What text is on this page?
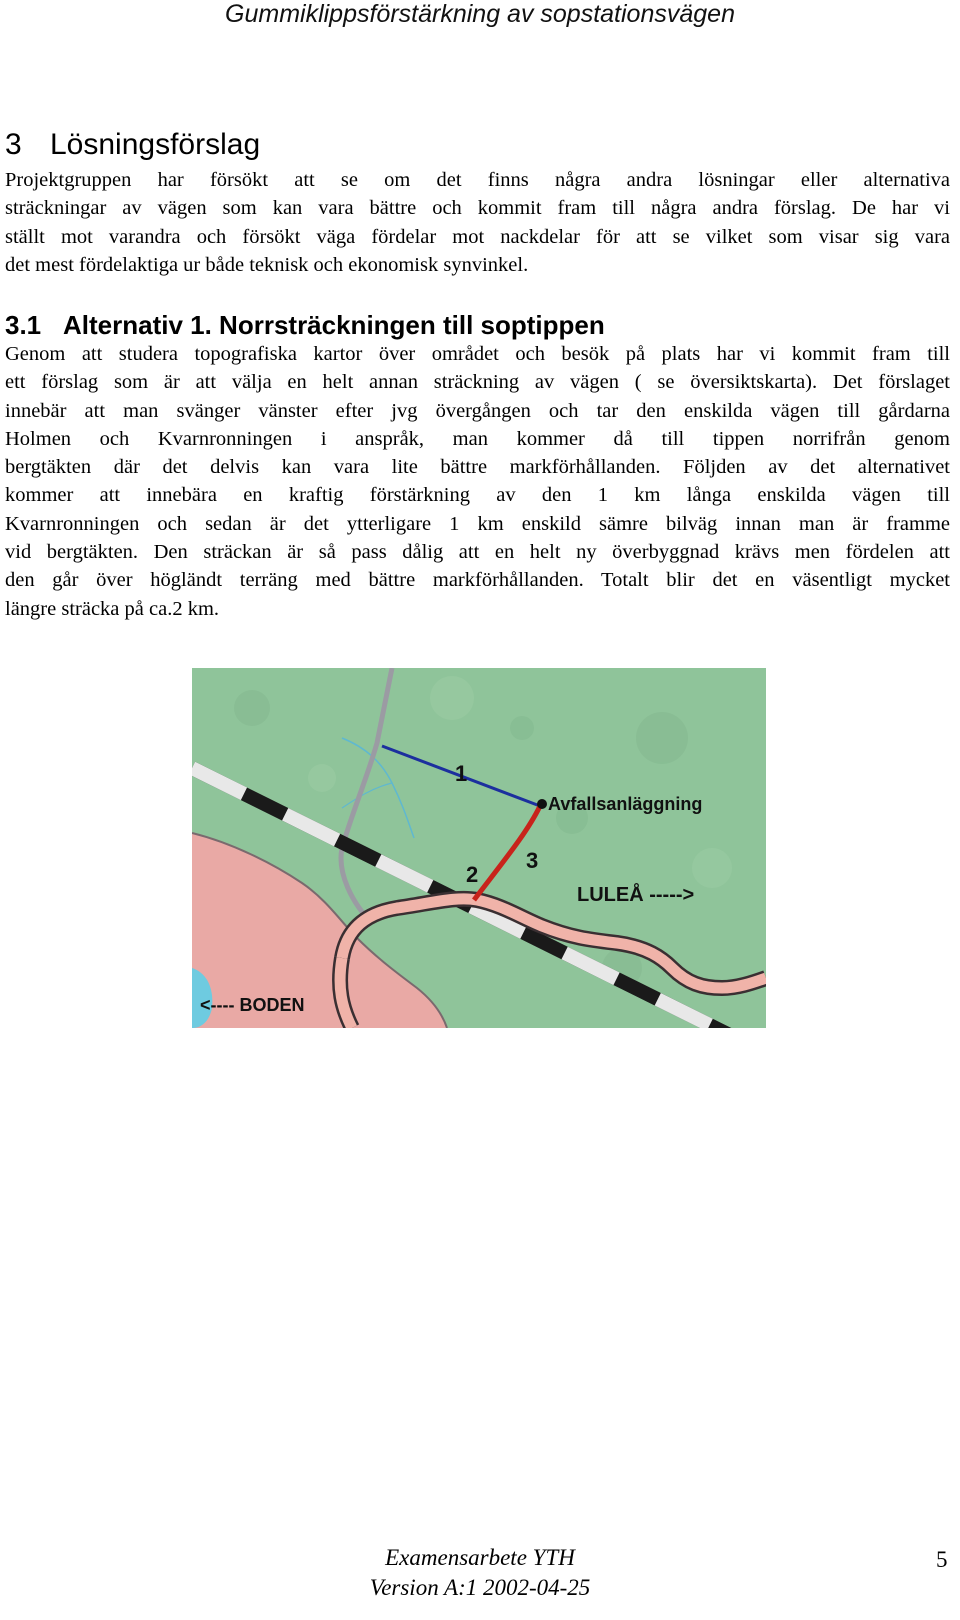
Gummiklippsförstärkning av sopstationsvägen
3 Lösningsförslag

Projektgruppen har försökt att se om det finns några andra lösningar eller alternativa
sträckningar av vägen som kan vara bättre och kommit fram till några andra förslag. De har vi
ställt mot varandra och försökt väga fördelar mot nackdelar för att se vilket som visar sig vara
det mest fördelaktiga ur både teknisk och ekonomisk synvinkel.

3.1 Alternativ 1. Norrsträckningen till soptippen

Genom att studera topografiska kartor över området och besök på plats har vi kommit fram till
ett förslag som är att välja en helt annan sträckning av vägen ( se översiktskarta). Det förslaget
innebär att man svänger vänster efter jvg övergången och tar den enskilda vägen till gårdarna
Holmen och Kvarnronningen i anspråk, man kommer då till tippen norrifrån genom
bergtäkten där det delvis kan vara lite bättre markförhållanden. Följden av det alternativet
kommer att innebära en kraftig förstärkning av den 1 km långa enskilda vägen till
Kvarnronningen och sedan är det ytterligare 1 km enskild sämre bilväg innan man är framme
vid bergtäkten. Den sträckan är så pass dålig att en helt ny överbyggnad krävs men fördelen att
den går över högländt terräng med bättre markförhållanden. Totalt blir det en väsentligt mycket
längre sträcka på ca.2 km.

1
2
3
Avfallsanläggning
LULEÅ ----->
<---- BODEN
Examensarbete YTH
Version A:1 2002-04-25
5
